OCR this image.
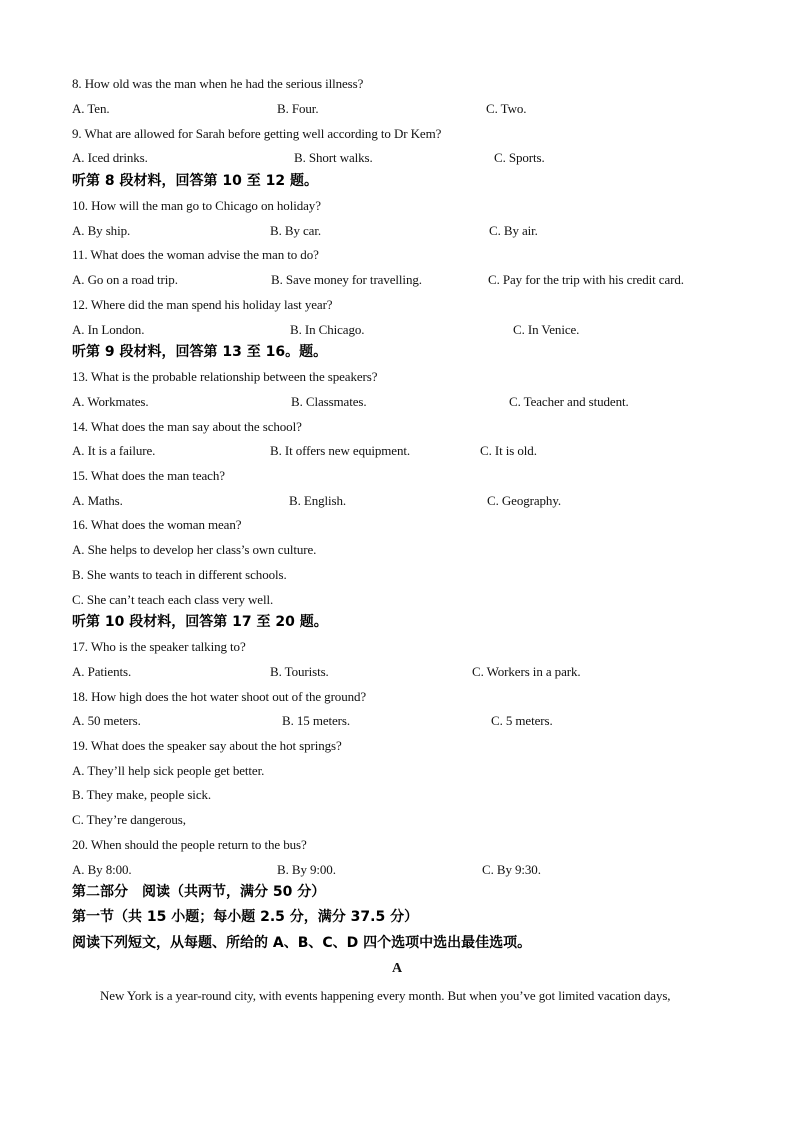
8. How old was the man when he had the serious illness?
A. Ten.	B. Four.	C. Two.
9. What are allowed for Sarah before getting well according to Dr Kem?
A. Iced drinks.	B. Short walks.	C. Sports.
听第 8 段材料，回答第 10 至 12 题。
10. How will the man go to Chicago on holiday?
A. By ship.	B. By car.	C. By air.
11. What does the woman advise the man to do?
A. Go on a road trip.	B. Save money for travelling.	C. Pay for the trip with his credit card.
12. Where did the man spend his holiday last year?
A. In London.	B. In Chicago.	C. In Venice.
听第 9 段材料，回答第 13 至 16。题。
13. What is the probable relationship between the speakers?
A. Workmates.	B. Classmates.	C. Teacher and student.
14. What does the man say about the school?
A. It is a failure.	B. It offers new equipment.	C. It is old.
15. What does the man teach?
A. Maths.	B. English.	C. Geography.
16. What does the woman mean?
A. She helps to develop her class’s own culture.
B. She wants to teach in different schools.
C. She can’t teach each class very well.
听第 10 段材料，回答第 17 至 20 题。
17. Who is the speaker talking to?
A. Patients.	B. Tourists.	C. Workers in a park.
18. How high does the hot water shoot out of the ground?
A. 50 meters.	B. 15 meters.	C. 5 meters.
19. What does the speaker say about the hot springs?
A. They’ll help sick people get better.
B. They make, people sick.
C. They’re dangerous,
20. When should the people return to the bus?
A. By 8:00.	B. By 9:00.	C. By 9:30.
第二部分　阅读（共两节，满分 50 分）
第一节（共 15 小题；每小题 2.5 分，满分 37.5 分）
阅读下列短文，从每题、所给的 A、B、C、D 四个选项中选出最佳选项。
A
New York is a year-round city, with events happening every month. But when you’ve got limited vacation days,
